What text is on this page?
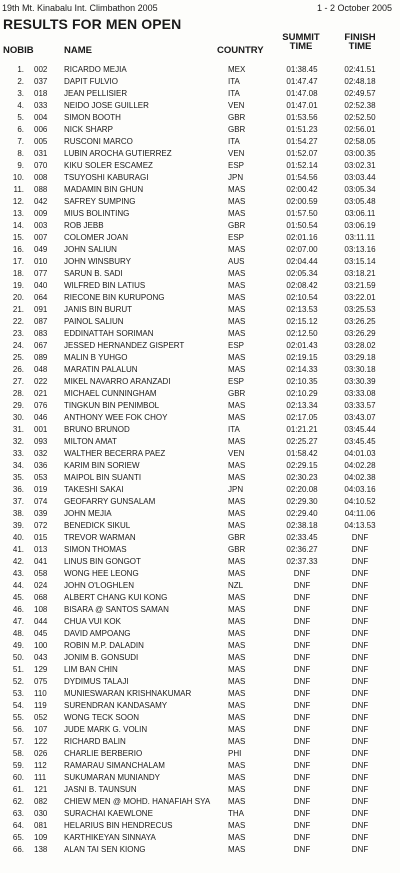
19th Mt. Kinabalu Int. Climbathon 2005	1 - 2 October 2005
RESULTS FOR MEN OPEN
NOBIB	NAME	COUNTRY
SUMMIT
TIME
FINISH
TIME
1. 002	RICARDO MEJIA	MEX	01:38.45	02:41.51
2. 037	DAPIT FULVIO	ITA	01:47.47	02:48.18
3. 018	JEAN PELLISIER	ITA	01:47.08	02:49.57
4. 033	NEIDO JOSE GUILLER	VEN	01:47.01	02:52.38
5. 004	SIMON BOOTH	GBR	01:53.56	02:52.50
6. 006	NICK SHARP	GBR	01:51.23	02:56.01
7. 005	RUSCONI MARCO	ITA	01:54.27	02:58.05
8. 031	LUBIN AROCHA GUTIERREZ	VEN	01:52.07	03:00.35
9. 070	KIKU SOLER ESCAMEZ	ESP	01:52.14	03:02.31
10. 008	TSUYOSHI KABURAGI	JPN	01:54.56	03:03.44
11. 088	MADAMIN BIN GHUN	MAS	02:00.42	03:05.34
12. 042	SAFREY SUMPING	MAS	02:00.59	03:05.48
13. 009	MIUS BOLINTING	MAS	01:57.50	03:06.11
14. 003	ROB JEBB	GBR	01:50.54	03:06.19
15. 007	COLOMER JOAN	ESP	02:01.16	03:11.11
16. 049	JOHN SALIUN	MAS	02:07.00	03:13.16
17. 010	JOHN WINSBURY	AUS	02:04.44	03:15.14
18. 077	SARUN B. SADI	MAS	02:05.34	03:18.21
19. 040	WILFRED BIN LATIUS	MAS	02:08.42	03:21.59
20. 064	RIECONE BIN KURUPONG	MAS	02:10.54	03:22.01
21. 091	JANIS BIN BURUT	MAS	02:13.53	03:25.53
22. 087	PAINOL SALIUN	MAS	02:15.12	03:26.25
23. 083	EDDINATTAH SORIMAN	MAS	02:12.50	03:26.29
24. 067	JESSED HERNANDEZ GISPERT	ESP	02:01.43	03:28.02
25. 089	MALIN B YUHGO	MAS	02:19.15	03:29.18
26. 048	MARATIN PALALUN	MAS	02:14.33	03:30.18
27. 022	MIKEL NAVARRO ARANZADI	ESP	02:10.35	03:30.39
28. 021	MICHAEL CUNNINGHAM	GBR	02:10.29	03:33.08
29. 076	TINGKUN BIN PENIMBOL	MAS	02:13.34	03:33.57
30. 046	ANTHONY WEE FOK CHOY	MAS	02:17.05	03:43.07
31. 001	BRUNO BRUNOD	ITA	01:21.21	03:45.44
32. 093	MILTON AMAT	MAS	02:25.27	03:45.45
33. 032	WALTHER BECERRA PAEZ	VEN	01:58.42	04:01.03
34. 036	KARIM BIN SORIEW	MAS	02:29.15	04:02.28
35. 053	MAIPOL BIN SUANTI	MAS	02:30.23	04:02.38
36. 019	TAKESHI SAKAI	JPN	02:20.08	04:03.16
37. 074	GEOFARRY GUNSALAM	MAS	02:29.30	04:10.52
38. 039	JOHN MEJIA	MAS	02:29.40	04:11.06
39. 072	BENEDICK SIKUL	MAS	02:38.18	04:13.53
40. 015	TREVOR WARMAN	GBR	02:33.45	DNF
41. 013	SIMON THOMAS	GBR	02:36.27	DNF
42. 041	LINUS BIN GONGOT	MAS	02:37.33	DNF
43. 058	WONG HEE LEONG	MAS	DNF	DNF
44. 024	JOHN O'LOGHLEN	NZL	DNF	DNF
45. 068	ALBERT CHANG KUI KONG	MAS	DNF	DNF
46. 108	BISARA @ SANTOS SAMAN	MAS	DNF	DNF
47. 044	CHUA VUI KOK	MAS	DNF	DNF
48. 045	DAVID AMPOANG	MAS	DNF	DNF
49. 100	ROBIN M.P. DALADIN	MAS	DNF	DNF
50. 043	JONIM B. GONSUDI	MAS	DNF	DNF
51. 129	LIM BAN CHIN	MAS	DNF	DNF
52. 075	DYDIMUS TALAJI	MAS	DNF	DNF
53. 110	MUNIESWARAN KRISHNAKUMAR	MAS	DNF	DNF
54. 119	SURENDRAN KANDASAMY	MAS	DNF	DNF
55. 052	WONG TECK SOON	MAS	DNF	DNF
56. 107	JUDE MARK G. VOLIN	MAS	DNF	DNF
57. 122	RICHARD BALIN	MAS	DNF	DNF
58. 026	CHARLIE BERBERIO	PHI	DNF	DNF
59. 112	RAMARAU SIMANCHALAM	MAS	DNF	DNF
60. 111	SUKUMARAN MUNIANDY	MAS	DNF	DNF
61. 121	JASNI B. TAUNSUN	MAS	DNF	DNF
62. 082	CHIEW MEN @ MOHD. HANAFIAH SYA MAS	DNF	DNF
63. 030	SURACHAI KAEWLONE	THA	DNF	DNF
64. 081	HELARIUS BIN HENDRECUS	MAS	DNF	DNF
65. 109	KARTHIKEYAN SINNAYA	MAS	DNF	DNF
66. 138	ALAN TAI SEN KIONG	MAS	DNF	DNF
